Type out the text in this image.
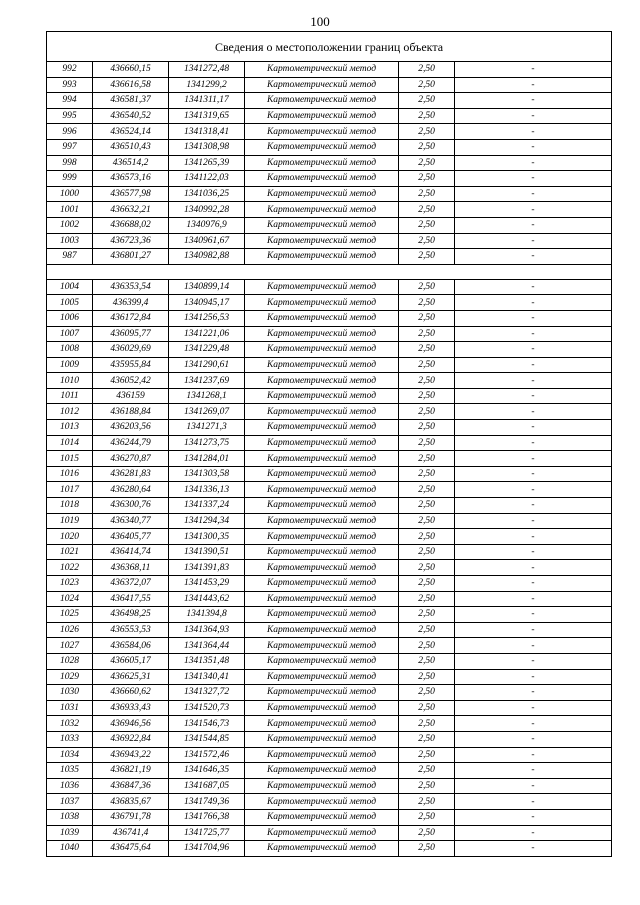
100
Сведения о местоположении границ объекта					
992	436660,15	1341272,48	Картометрический метод	2,50	-
993	436616,58	1341299,2	Картометрический метод	2,50	-
994	436581,37	1341311,17	Картометрический метод	2,50	-
995	436540,52	1341319,65	Картометрический метод	2,50	-
996	436524,14	1341318,41	Картометрический метод	2,50	-
997	436510,43	1341308,98	Картометрический метод	2,50	-
998	436514,2	1341265,39	Картометрический метод	2,50	-
999	436573,16	1341122,03	Картометрический метод	2,50	-
1000	436577,98	1341036,25	Картометрический метод	2,50	-
1001	436632,21	1340992,28	Картометрический метод	2,50	-
1002	436688,02	1340976,9	Картометрический метод	2,50	-
1003	436723,36	1340961,67	Картометрический метод	2,50	-
987	436801,27	1340982,88	Картометрический метод	2,50	-

1004	436353,54	1340899,14	Картометрический метод	2,50	-
1005	436399,4	1340945,17	Картометрический метод	2,50	-
1006	436172,84	1341256,53	Картометрический метод	2,50	-
1007	436095,77	1341221,06	Картометрический метод	2,50	-
1008	436029,69	1341229,48	Картометрический метод	2,50	-
1009	435955,84	1341290,61	Картометрический метод	2,50	-
1010	436052,42	1341237,69	Картометрический метод	2,50	-
1011	436159	1341268,1	Картометрический метод	2,50	-
1012	436188,84	1341269,07	Картометрический метод	2,50	-
1013	436203,56	1341271,3	Картометрический метод	2,50	-
1014	436244,79	1341273,75	Картометрический метод	2,50	-
1015	436270,87	1341284,01	Картометрический метод	2,50	-
1016	436281,83	1341303,58	Картометрический метод	2,50	-
1017	436280,64	1341336,13	Картометрический метод	2,50	-
1018	436300,76	1341337,24	Картометрический метод	2,50	-
1019	436340,77	1341294,34	Картометрический метод	2,50	-
1020	436405,77	1341300,35	Картометрический метод	2,50	-
1021	436414,74	1341390,51	Картометрический метод	2,50	-
1022	436368,11	1341391,83	Картометрический метод	2,50	-
1023	436372,07	1341453,29	Картометрический метод	2,50	-
1024	436417,55	1341443,62	Картометрический метод	2,50	-
1025	436498,25	1341394,8	Картометрический метод	2,50	-
1026	436553,53	1341364,93	Картометрический метод	2,50	-
1027	436584,06	1341364,44	Картометрический метод	2,50	-
1028	436605,17	1341351,48	Картометрический метод	2,50	-
1029	436625,31	1341340,41	Картометрический метод	2,50	-
1030	436660,62	1341327,72	Картометрический метод	2,50	-
1031	436933,43	1341520,73	Картометрический метод	2,50	-
1032	436946,56	1341546,73	Картометрический метод	2,50	-
1033	436922,84	1341544,85	Картометрический метод	2,50	-
1034	436943,22	1341572,46	Картометрический метод	2,50	-
1035	436821,19	1341646,35	Картометрический метод	2,50	-
1036	436847,36	1341687,05	Картометрический метод	2,50	-
1037	436835,67	1341749,36	Картометрический метод	2,50	-
1038	436791,78	1341766,38	Картометрический метод	2,50	-
1039	436741,4	1341725,77	Картометрический метод	2,50	-
1040	436475,64	1341704,96	Картометрический метод	2,50	-
